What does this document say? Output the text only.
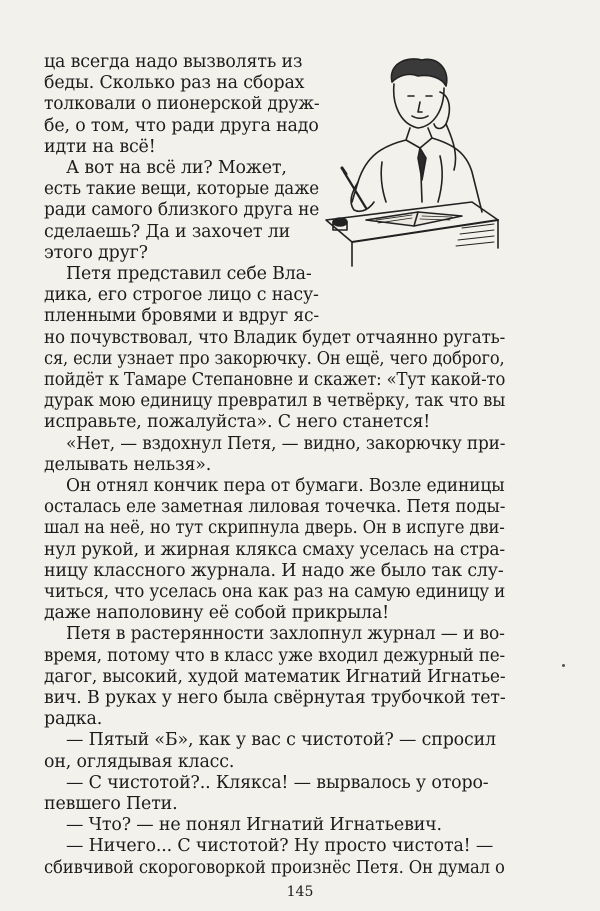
ца всегда надо вызволять из
беды. Сколько раз на сборах
толковали о пионерской друж-
бе, о том, что ради друга надо
идти на всё!
А вот на всё ли? Может,
есть такие вещи, которые даже
ради самого близкого друга не
сделаешь? Да и захочет ли
этого друг?
Петя представил себе Вла-
дика, его строгое лицо с насу-
пленными бровями и вдруг яс-
но почувствовал, что Владик будет отчаянно ругать-
ся, если узнает про закорючку. Он ещё, чего доброго,
пойдёт к Тамаре Степановне и скажет: «Тут какой-то
дурак мою единицу превратил в четвёрку, так что вы
исправьте, пожалуйста». С него станется!
«Нет, — вздохнул Петя, — видно, закорючку при-
делывать нельзя».
Он отнял кончик пера от бумаги. Возле единицы
осталась еле заметная лиловая точечка. Петя поды-
шал на неё, но тут скрипнула дверь. Он в испуге дви-
нул рукой, и жирная клякса смаху уселась на стра-
ницу классного журнала. И надо же было так слу-
читься, что уселась она как раз на самую единицу и
даже наполовину её собой прикрыла!
Петя в растерянности захлопнул журнал — и во-
время, потому что в класс уже входил дежурный пе-
дагог, высокий, худой математик Игнатий Игнатье-
вич. В руках у него была свёрнутая трубочкой тет-
радка.
— Пятый «Б», как у вас с чистотой? — спросил
он, оглядывая класс.
— С чистотой?.. Клякса! — вырвалось у оторо-
певшего Пети.
— Что? — не понял Игнатий Игнатьевич.
— Ничего... С чистотой? Ну просто чистота! —
сбивчивой скороговоркой произнёс Петя. Он думал о
145
